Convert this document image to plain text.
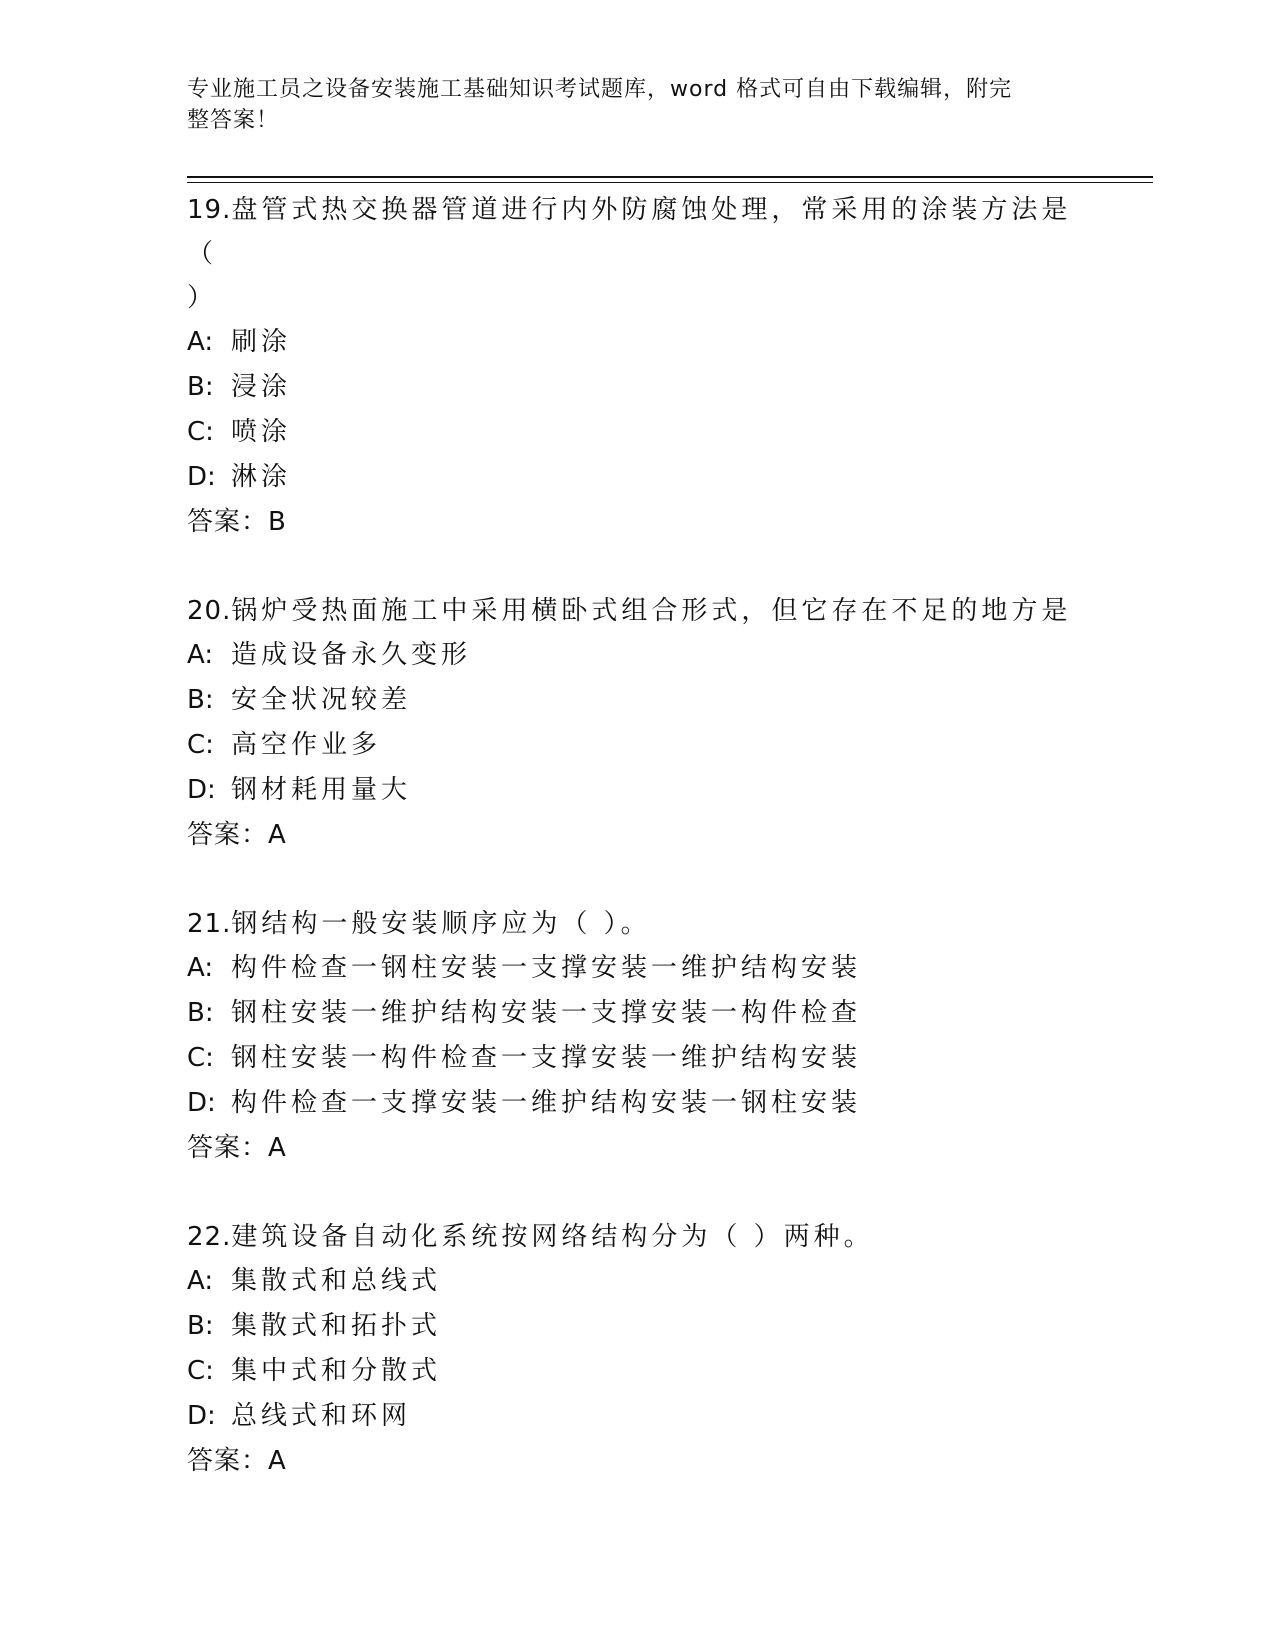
专业施工员之设备安装施工基础知识考试题库，word 格式可自由下载编辑，附完
整答案！
19.盘管式热交换器管道进行内外防腐蚀处理，常采用的涂装方法是（
）
A: 刷涂
B: 浸涂
C: 喷涂
D: 淋涂
答案：B
20.锅炉受热面施工中采用横卧式组合形式，但它存在不足的地方是
A: 造成设备永久变形
B: 安全状况较差
C: 高空作业多
D: 钢材耗用量大
答案：A
21.钢结构一般安装顺序应为（ ）。
A: 构件检查一钢柱安装一支撑安装一维护结构安装
B: 钢柱安装一维护结构安装一支撑安装一构件检查
C: 钢柱安装一构件检查一支撑安装一维护结构安装
D: 构件检查一支撑安装一维护结构安装一钢柱安装
答案：A
22.建筑设备自动化系统按网络结构分为（ ）两种。
A: 集散式和总线式
B: 集散式和拓扑式
C: 集中式和分散式
D: 总线式和环网
答案：A
